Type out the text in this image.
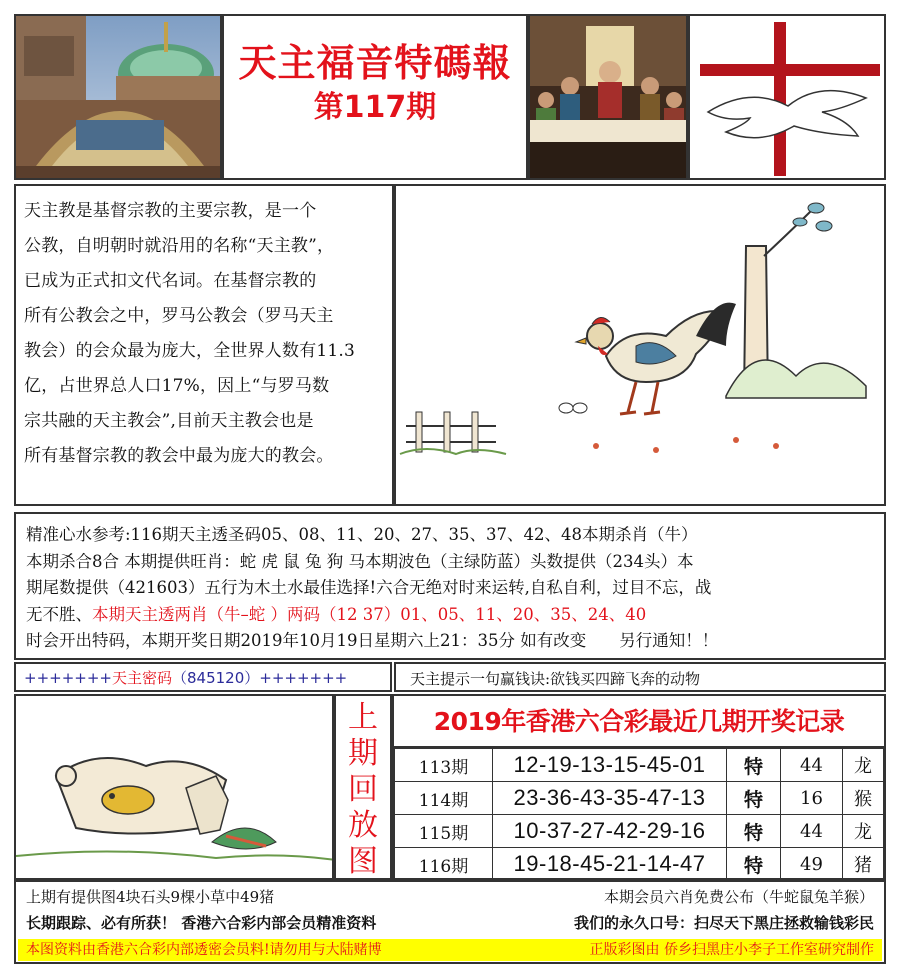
天主福音特碼報
第117期

天主教是基督宗教的主要宗教，是一个

公教，自明朝时就沿用的名称“天主教”，

已成为正式扣文代名词。在基督宗教的

所有公教会之中，罗马公教会（罗马天主

教会）的会众最为庞大，全世界人数有11.3

亿，占世界总人口17%，因上“与罗马数

宗共融的天主教会”,目前天主教会也是

所有基督宗教的教会中最为庞大的教会。

精准心水参考:116期天主透圣码05、08、11、20、27、35、37、42、48本期杀肖（牛）
本期杀合8合 本期提供旺肖：蛇 虎 鼠 兔 狗 马本期波色（主绿防蓝）头数提供（234头）本
期尾数提供（421603）五行为木土水最佳选择!六合无绝对时来运转,自私自利，过目不忘，战
无不胜、本期天主透两肖（牛–蛇 ）两码（12 37）01、05、11、20、35、24、40
时会开出特码，本期开奖日期2019年10月19日星期六上21：35分 如有改变　　另行通知！！
+++++++天主密码（845120）+++++++	天主提示一句赢钱诀:欲钱买四蹄飞奔的动物
上
期
回
放
图
2019年香港六合彩最近几期开奖记录
113期	12-19-13-15-45-01	特	44	龙
114期	23-36-43-35-47-13	特	16	猴
115期	10-37-27-42-29-16	特	44	龙
116期	19-18-45-21-14-47	特	49	猪
上期有提供图4块石头9棵小草中49猪	本期会员六肖免费公布（牛蛇鼠兔羊猴）
长期跟踪、必有所获！ 香港六合彩内部会员精准资料	我们的永久口号：扫尽天下黑庄拯救输钱彩民
本图资料由香港六合彩内部透密会员料!请勿用与大陆赌博	正版彩图由 侨乡扫黑庄小李子工作室研究制作
